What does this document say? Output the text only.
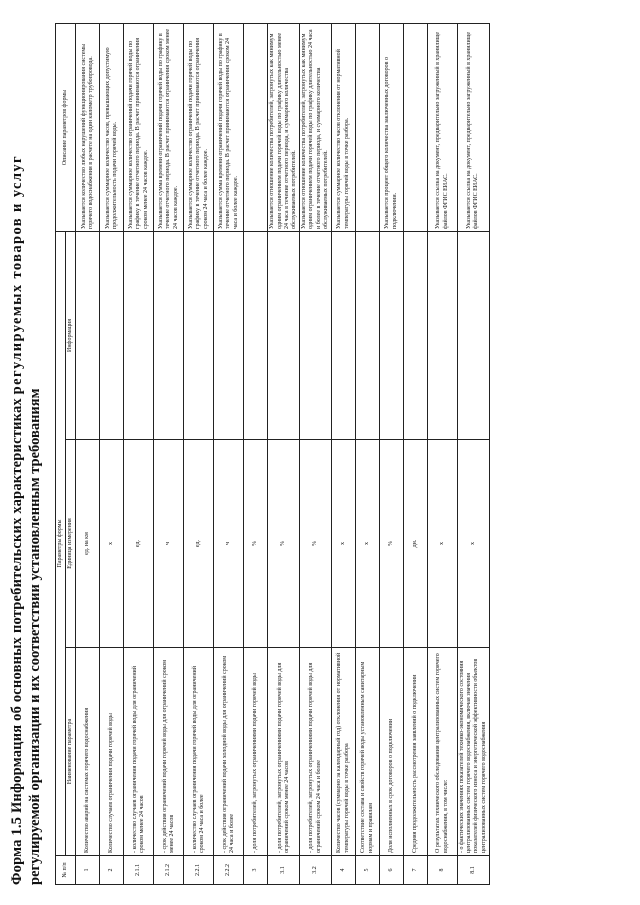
Форма 1.5 Информация об основных потребительских характеристиках регулируемых товаров и услуг
регулируемой организации и их соответствии установленным требованиям	№ п/п	Параметры формы			Описание параметров формы
	Наименование параметра	Единица измерения	Информация	
1	Количество аварий на системах горячего водоснабжения	ед. на км		Указывается количество любых нарушений функционирования системы горячего водоснабжения в расчете на один километр трубопровода.
2	Количество случаев ограничения подачи горячей воды	x		Указывается суммарное количество часов, превышающих допустимую продолжительность подачи горячей воды.
2.1.1	- количество случаев ограничения подачи горячей воды для ограничений сроком менее 24 часов	ед.		Указывается суммарное количество ограничений подачи горячей воды по графику в течение отчетного периода. В расчет принимаются ограничения сроком менее 24 часов каждое.
2.1.2	- срок действия ограничений подачи горячей воды для ограничений сроком менее 24 часов	ч		Указывается сумма времени ограничений подачи горячей воды по графику в течение отчетного периода. В расчет принимаются ограничения сроком менее 24 часов каждое.
2.2.1	- количество случаев ограничения подачи горячей воды для ограничений сроком 24 часа и более	ед.		Указывается суммарное количество ограничений подачи горячей воды по графику в течение отчетного периода. В расчет принимаются ограничения сроком 24 часа и более каждое.
2.2.2	- срок действия ограничений подачи холодной воды для ограничений сроком 24 часа и более	ч		Указывается сумма времени ограничений подачи горячей воды по графику в течение отчетного периода. В расчет принимаются ограничения сроком 24 часа и более каждое.
3	- доля потребителей, затронутых ограничениями подачи горячей воды	%		
3.1	- доля потребителей, затронутых ограничениями подачи горячей воды для ограничений сроком менее 24 часов	%		Указывается отношение количества потребителей, затронутых как минимум одним ограничением подачи горячей воды по графику длительностью менее 24 часа в течение отчетного периода, и суммарного количества обслуживаемых потребителей.
3.2	- доля потребителей, затронутых ограничениями подачи горячей воды для ограничений сроком 24 часа и более	%		Указывается отношение количества потребителей, затронутых как минимум одним ограничением подачи горячей воды по графику длительностью 24 часа и более в течение отчетного периода, и суммарного количества обслуживаемых потребителей.
4	Количество часов (суммарно за календарный год) отклонения от нормативной температуры горячей воды в точке разбора	x		Указывается суммарное количество часов отклонения от нормативной температуры горячей воды в точке разбора.
5	Соответствие состава и свойств горячей воды установленным санитарным нормам и правилам	x		
6	Доля исполненных в срок договоров о подключении	%		Указывается процент общего количества заключенных договоров о подключении.
7	Средняя продолжительность рассмотрения заявлений о подключении	дн.		
8	О результатах технического обследования централизованных систем горячего водоснабжения, в том числе:	x		Указывается ссылка на документ, предварительно загруженный в хранилище файлов ФГИС ЕИАС.
8.1	- о фактических значениях показателей технико-экономического состояния централизованных систем горячего водоснабжения, включая значения показателей физического износа и энергетической эффективности объектов централизованных систем горячего водоснабжения	x		Указывается ссылка на документ, предварительно загруженный в хранилище файлов ФГИС ЕИАС.
